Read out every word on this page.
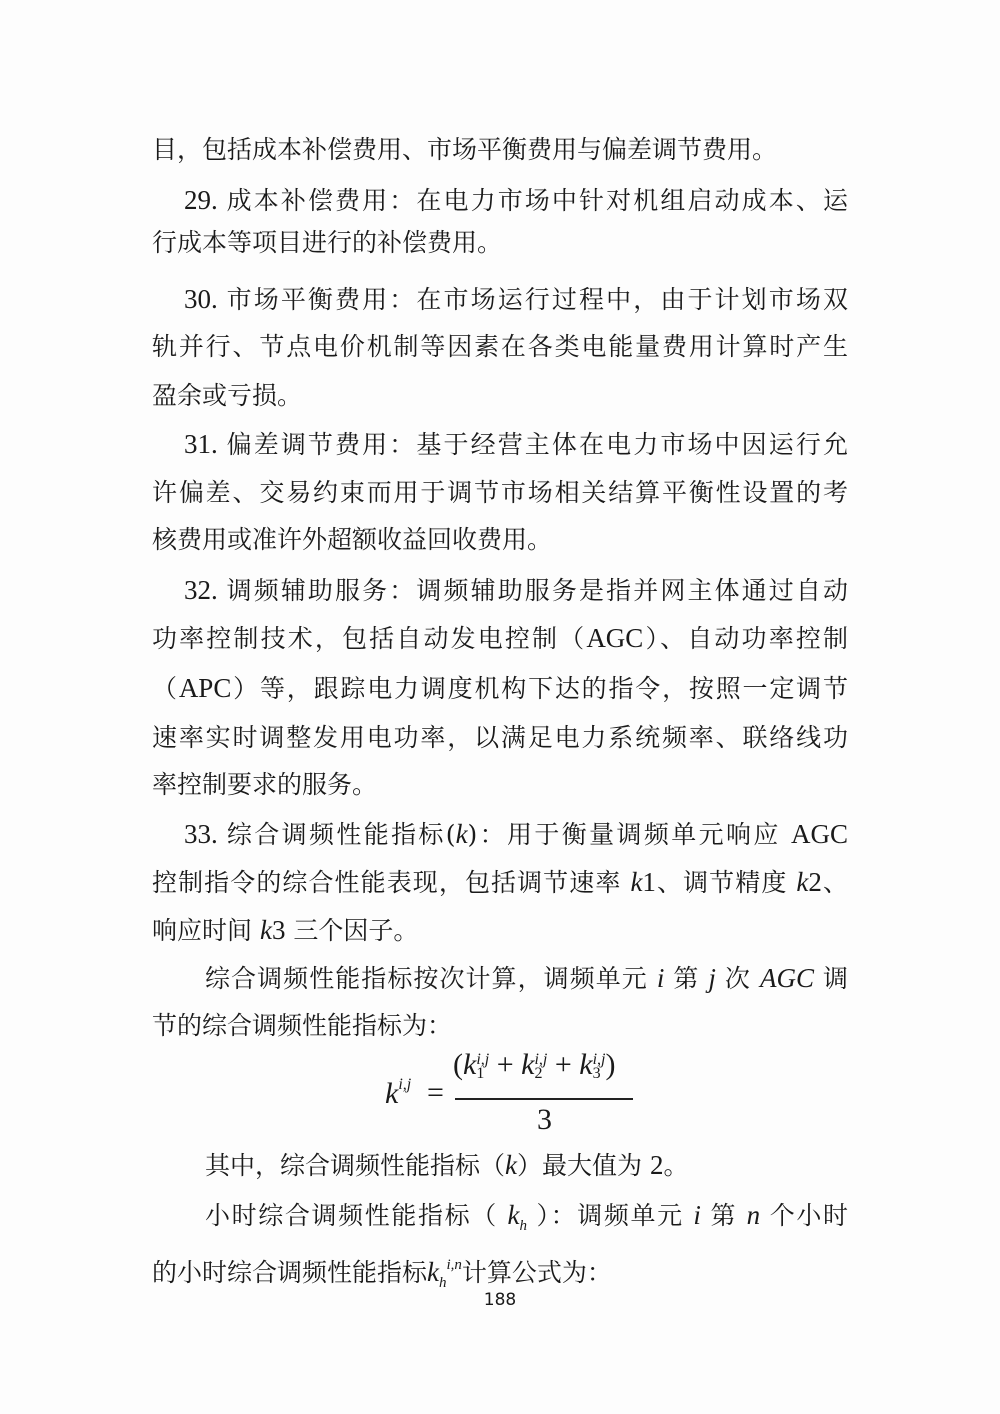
目，包括成本补偿费用、市场平衡费用与偏差调节费用。
29. 成本补偿费用：在电力市场中针对机组启动成本、运
行成本等项目进行的补偿费用。
30. 市场平衡费用：在市场运行过程中，由于计划市场双
轨并行、节点电价机制等因素在各类电能量费用计算时产生
盈余或亏损。
31. 偏差调节费用：基于经营主体在电力市场中因运行允
许偏差、交易约束而用于调节市场相关结算平衡性设置的考
核费用或准许外超额收益回收费用。
32. 调频辅助服务：调频辅助服务是指并网主体通过自动
功率控制技术，包括自动发电控制（AGC）、自动功率控制
（APC）等，跟踪电力调度机构下达的指令，按照一定调节
速率实时调整发用电功率，以满足电力系统频率、联络线功
率控制要求的服务。
33. 综合调频性能指标(k)：用于衡量调频单元响应 AGC
控制指令的综合性能表现，包括调节速率 k1、调节精度 k2、
响应时间 k3 三个因子。
综合调频性能指标按次计算，调频单元 i 第 j 次 AGC 调
节的综合调频性能指标为：
其中，综合调频性能指标（k）最大值为 2。
小时综合调频性能指标（ $k_h$ ）：调频单元 i 第 n 个小时
的小时综合调频性能指标$k_h^{i,n}$计算公式为：
$k^{i,j}$ =
(ki,j
1 + ki,j
2 + ki,j
3 )
3
188
